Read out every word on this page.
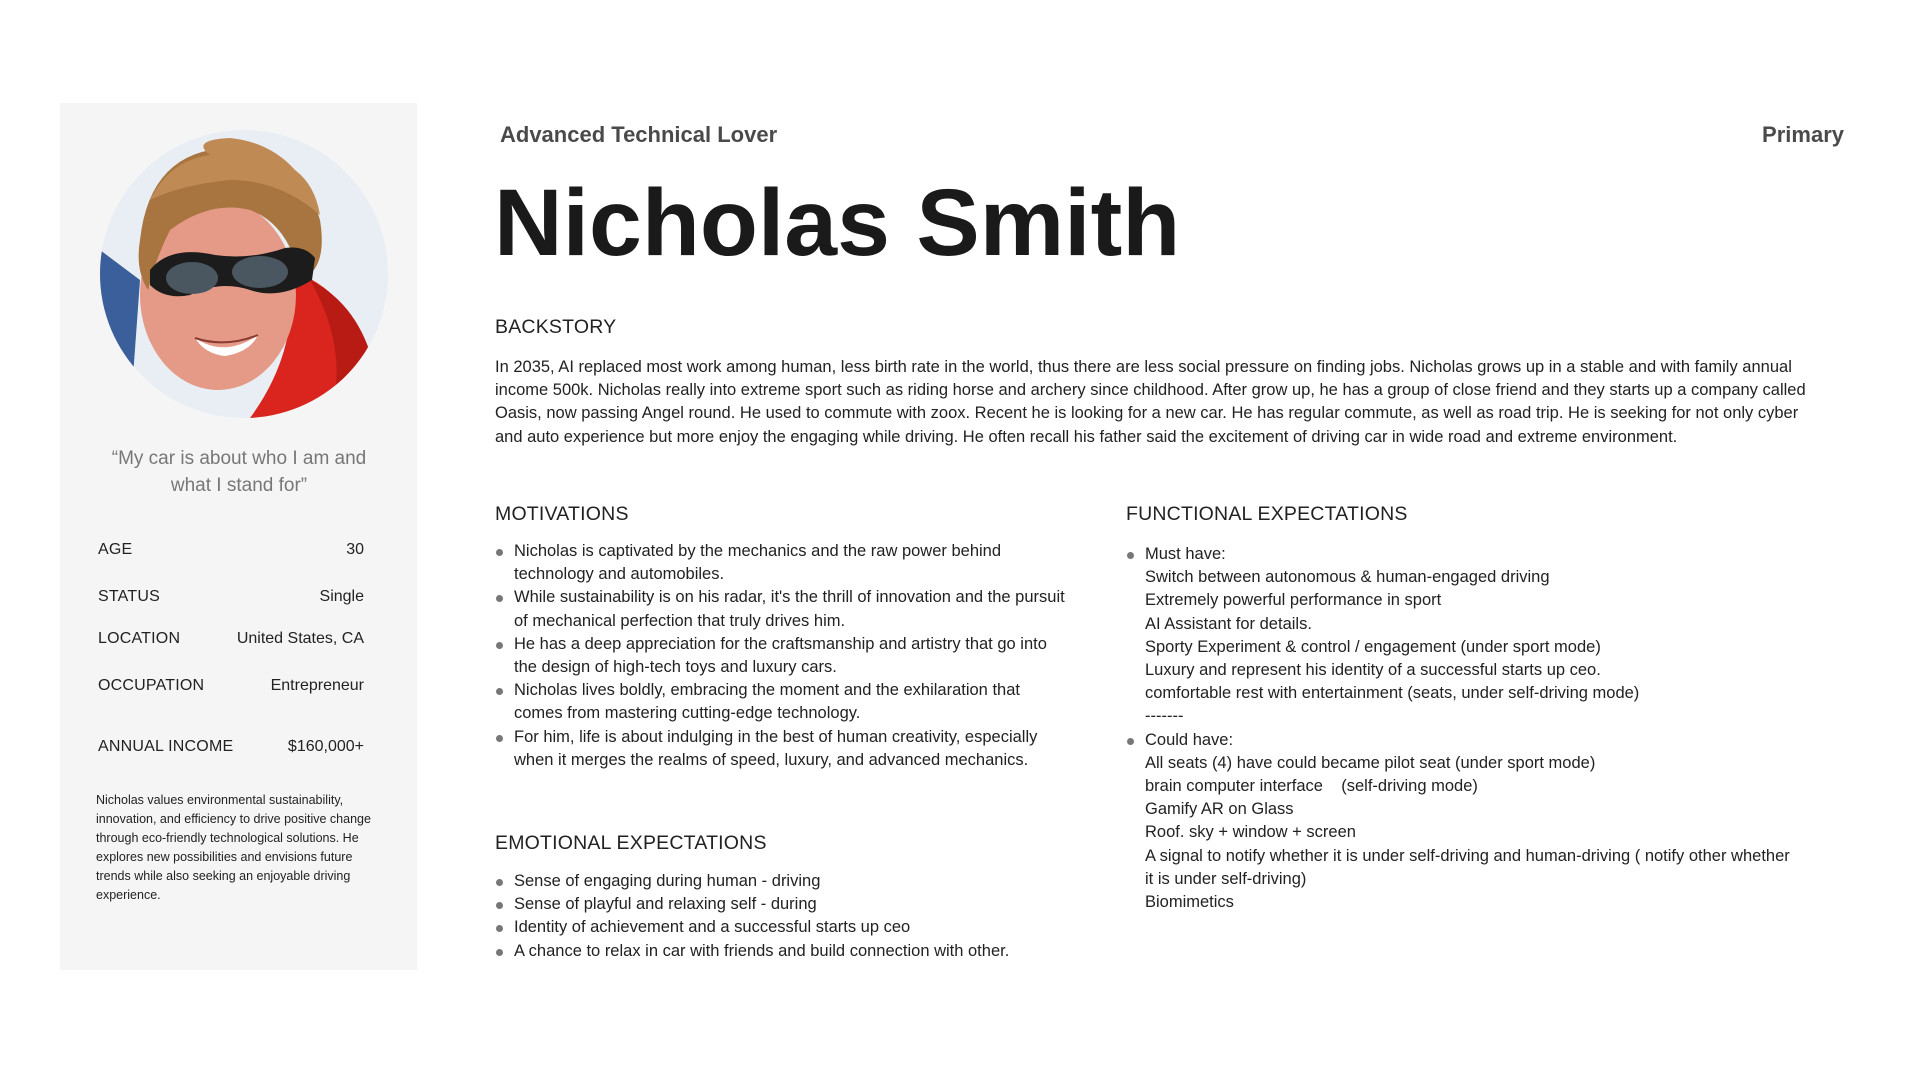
“My car is about who I am and what I stand for”
AGE	30
STATUS	Single
LOCATION	United States, CA
OCCUPATION	Entrepreneur
ANNUAL INCOME	$160,000+
Nicholas values environmental sustainability, innovation, and efficiency to drive positive change through eco-friendly technological solutions. He explores new possibilities and envisions future trends while also seeking an enjoyable driving experience.
Advanced Technical Lover	Primary
Nicholas Smith
BACKSTORY

In 2035, AI replaced most work among human, less birth rate in the world, thus there are less social pressure on finding jobs. Nicholas grows up in a stable and with family annual income 500k. Nicholas really into extreme sport such as riding horse and archery since childhood. After grow up, he has a group of close friend and they starts up a company called Oasis, now passing Angel round. He used to commute with zoox. Recent he is looking for a new car. He has regular commute, as well as road trip. He is seeking for not only cyber and auto experience but more enjoy the engaging while driving. He often recall his father said the excitement of driving car in wide road and extreme environment.

MOTIVATIONS
Nicholas is captivated by the mechanics and the raw power behind technology and automobiles.
While sustainability is on his radar, it's the thrill of innovation and the pursuit of mechanical perfection that truly drives him.
He has a deep appreciation for the craftsmanship and artistry that go into the design of high-tech toys and luxury cars.
Nicholas lives boldly, embracing the moment and the exhilaration that comes from mastering cutting-edge technology.
For him, life is about indulging in the best of human creativity, especially when it merges the realms of speed, luxury, and advanced mechanics.
EMOTIONAL EXPECTATIONS
Sense of engaging during human - driving
Sense of playful and relaxing self - during
Identity of achievement and a successful starts up ceo
A chance to relax in car with friends and build connection with other.
FUNCTIONAL EXPECTATIONS
Must have:
Switch between autonomous & human-engaged driving
Extremely powerful performance in sport
AI Assistant for details.
Sporty Experiment & control / engagement (under sport mode)
Luxury and represent his identity of a successful starts up ceo.
comfortable rest with entertainment (seats, under self-driving mode)
-------
Could have:
All seats (4) have could became pilot seat (under sport mode)
brain computer interface    (self-driving mode)
Gamify AR on Glass
Roof. sky + window + screen
A signal to notify whether it is under self-driving and human-driving ( notify other whether it is under self-driving)
Biomimetics
